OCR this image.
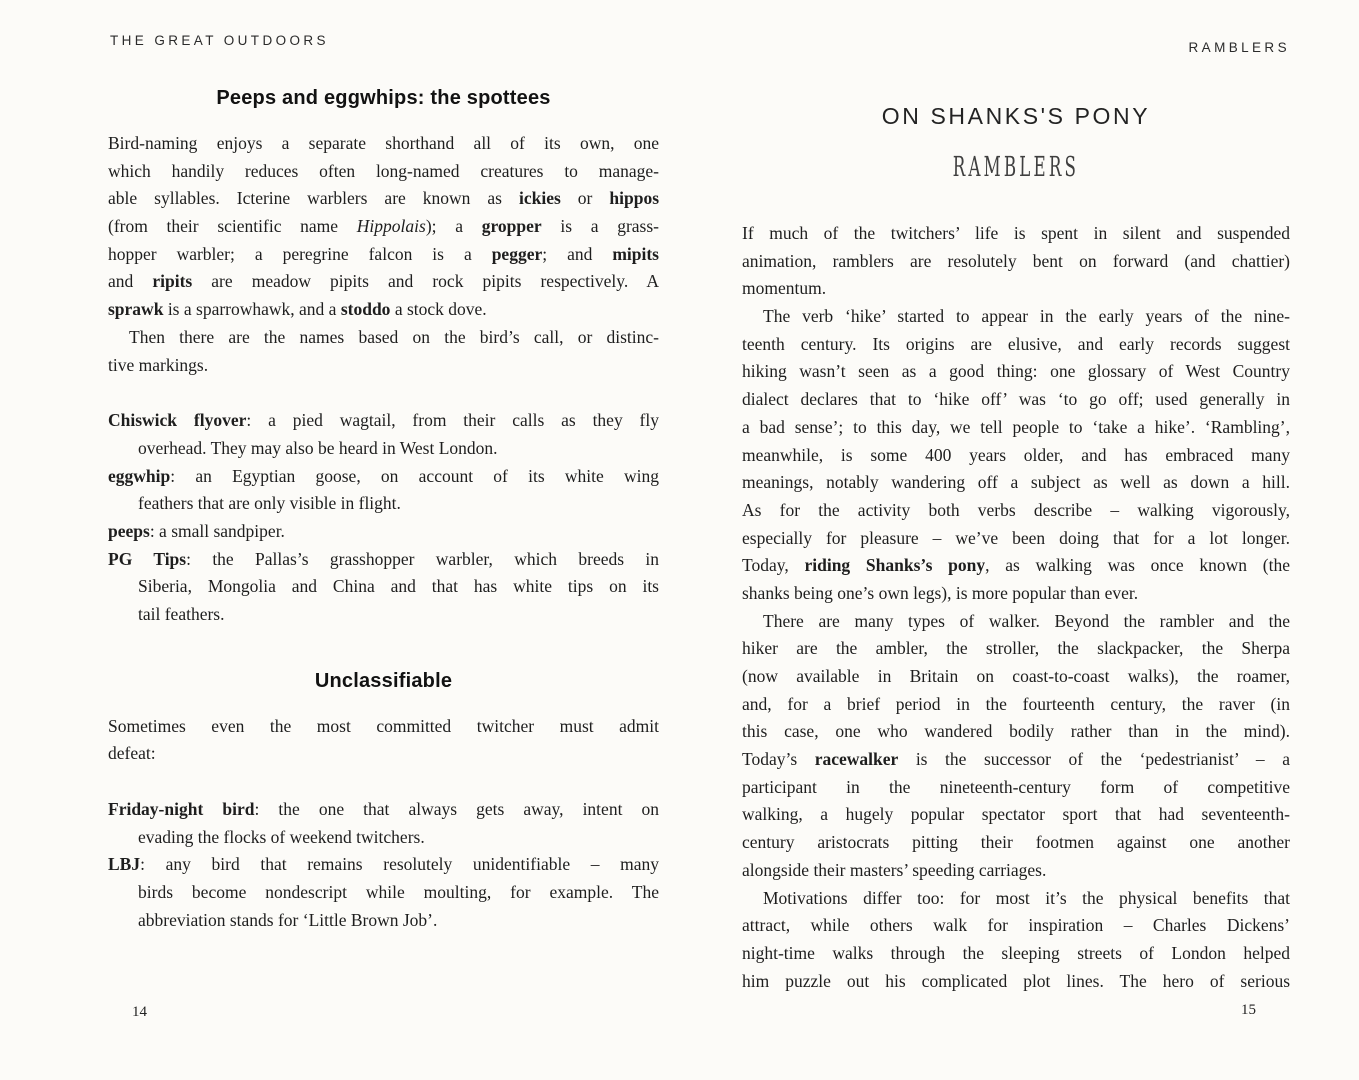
THE GREAT OUTDOORS
Peeps and eggwhips: the spottees
Bird-naming enjoys a separate shorthand all of its own, one
which handily reduces often long-named creatures to manage-
able syllables. Icterine warblers are known as ickies or hippos
(from their scientific name Hippolais); a gropper is a grass-
hopper warbler; a peregrine falcon is a pegger; and mipits
and ripits are meadow pipits and rock pipits respectively. A
sprawk is a sparrowhawk, and a stoddo a stock dove.
Then there are the names based on the bird’s call, or distinc-
tive markings.
Chiswick flyover: a pied wagtail, from their calls as they fly
overhead. They may also be heard in West London.
eggwhip: an Egyptian goose, on account of its white wing
feathers that are only visible in flight.
peeps: a small sandpiper.
PG Tips: the Pallas’s grasshopper warbler, which breeds in
Siberia, Mongolia and China and that has white tips on its
tail feathers.
Unclassifiable
Sometimes even the most committed twitcher must admit
defeat:
Friday-night bird: the one that always gets away, intent on
evading the flocks of weekend twitchers.
LBJ: any bird that remains resolutely unidentifiable – many
birds become nondescript while moulting, for example. The
abbreviation stands for ‘Little Brown Job’.
14
RAMBLERS
ON SHANKS'S PONY
RAMBLERS
If much of the twitchers’ life is spent in silent and suspended
animation, ramblers are resolutely bent on forward (and chattier)
momentum.
The verb ‘hike’ started to appear in the early years of the nine-
teenth century. Its origins are elusive, and early records suggest
hiking wasn’t seen as a good thing: one glossary of West Country
dialect declares that to ‘hike off’ was ‘to go off; used generally in
a bad sense’; to this day, we tell people to ‘take a hike’. ‘Rambling’,
meanwhile, is some 400 years older, and has embraced many
meanings, notably wandering off a subject as well as down a hill.
As for the activity both verbs describe – walking vigorously,
especially for pleasure – we’ve been doing that for a lot longer.
Today, riding Shanks’s pony, as walking was once known (the
shanks being one’s own legs), is more popular than ever.
There are many types of walker. Beyond the rambler and the
hiker are the ambler, the stroller, the slackpacker, the Sherpa
(now available in Britain on coast-to-coast walks), the roamer,
and, for a brief period in the fourteenth century, the raver (in
this case, one who wandered bodily rather than in the mind).
Today’s racewalker is the successor of the ‘pedestrianist’ – a
participant in the nineteenth-century form of competitive
walking, a hugely popular spectator sport that had seventeenth-
century aristocrats pitting their footmen against one another
alongside their masters’ speeding carriages.
Motivations differ too: for most it’s the physical benefits that
attract, while others walk for inspiration – Charles Dickens’
night-time walks through the sleeping streets of London helped
him puzzle out his complicated plot lines. The hero of serious
15
